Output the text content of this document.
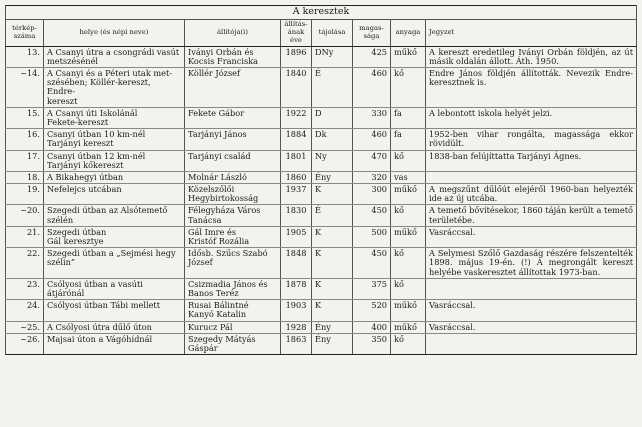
A keresztek							
térkép-
száma	helye (és népi neve)	állítója(i)	állítás-
ának
éve	tájolása	magas-
sága	anyaga	Jegyzet
13.	A Csanyi útra a csongrádi vasút
metszésénél	Iványi Orbán és
Kocsis Franciska	1896	DNy	425	műkő	A kereszt eredetileg Iványi Orbán földjén, az út másik oldalán állott. Áth. 1950.
~14.	A Csanyi és a Péteri utak met-
szésében; Köllér-kereszt, Endre-
kereszt	Köllér József	1840	É	460	kő	Endre János földjén állították. Nevezik Endre-keresztnek is.
15.	A Csanyi úti Iskolánál
Fekete-kereszt	Fekete Gábor	1922	D	330	fa	A lebontott iskola helyét jelzi.
16.	Csanyi útban 10 km-nél
Tarjányi kereszt	Tarjányi János	1884	Dk	460	fa	1952-ben vihar rongálta, magassága ekkor rövidült.
17.	Csanyi útban 12 km-nél
Tarjányi kőkereszt	Tarjányi család	1801	Ny	470	kő	1838-ban felújíttatta Tarjányi Ágnes.
18.	A Bikahegyi útban	Molnár László	1860	Ény	320	vas	
19.	Nefelejcs utcában	Közelszőlői
Hegybirtokosság	1937	K	300	műkő	A megszűnt dűlőút elejéről 1960-ban helyezték ide az új utcába.
~20.	Szegedi útban az Alsótemető
szélén	Félegyháza Város
Tanácsa	1830	É	450	kő	A temető bővítésekor, 1860 táján került a temető területébe.
21.	Szegedi útban
Gál keresztye	Gál Imre és
Kristóf Rozália	1905	K	500	műkő	Vasráccsal.
22.	Szegedi útban a „Sejmési hegy
szélin”	Idősb. Szűcs Szabó
József	1848	K	450	kő	A Selymesi Szőlő Gazdaság részére felszentelték 1898. május 19-én. (!) A megrongált kereszt helyébe vaskeresztet állítottak 1973-ban.
23.	Csólyosi útban a vasúti átjárónál	Csizmadia János és
Banos Teréz	1878	K	375	kő	
24.	Csólyosi útban Tábi mellett	Rusai Bálintné
Kanyó Katalin	1903	K	520	műkő	Vasráccsal.
~25.	A Csólyosi útra dűlő úton	Kurucz Pál	1928	Ény	400	műkő	Vasráccsal.
~26.	Majsai úton a Vágóhídnál	Szegedy Mátyás
Gáspár	1863	Ény	350	kő	
